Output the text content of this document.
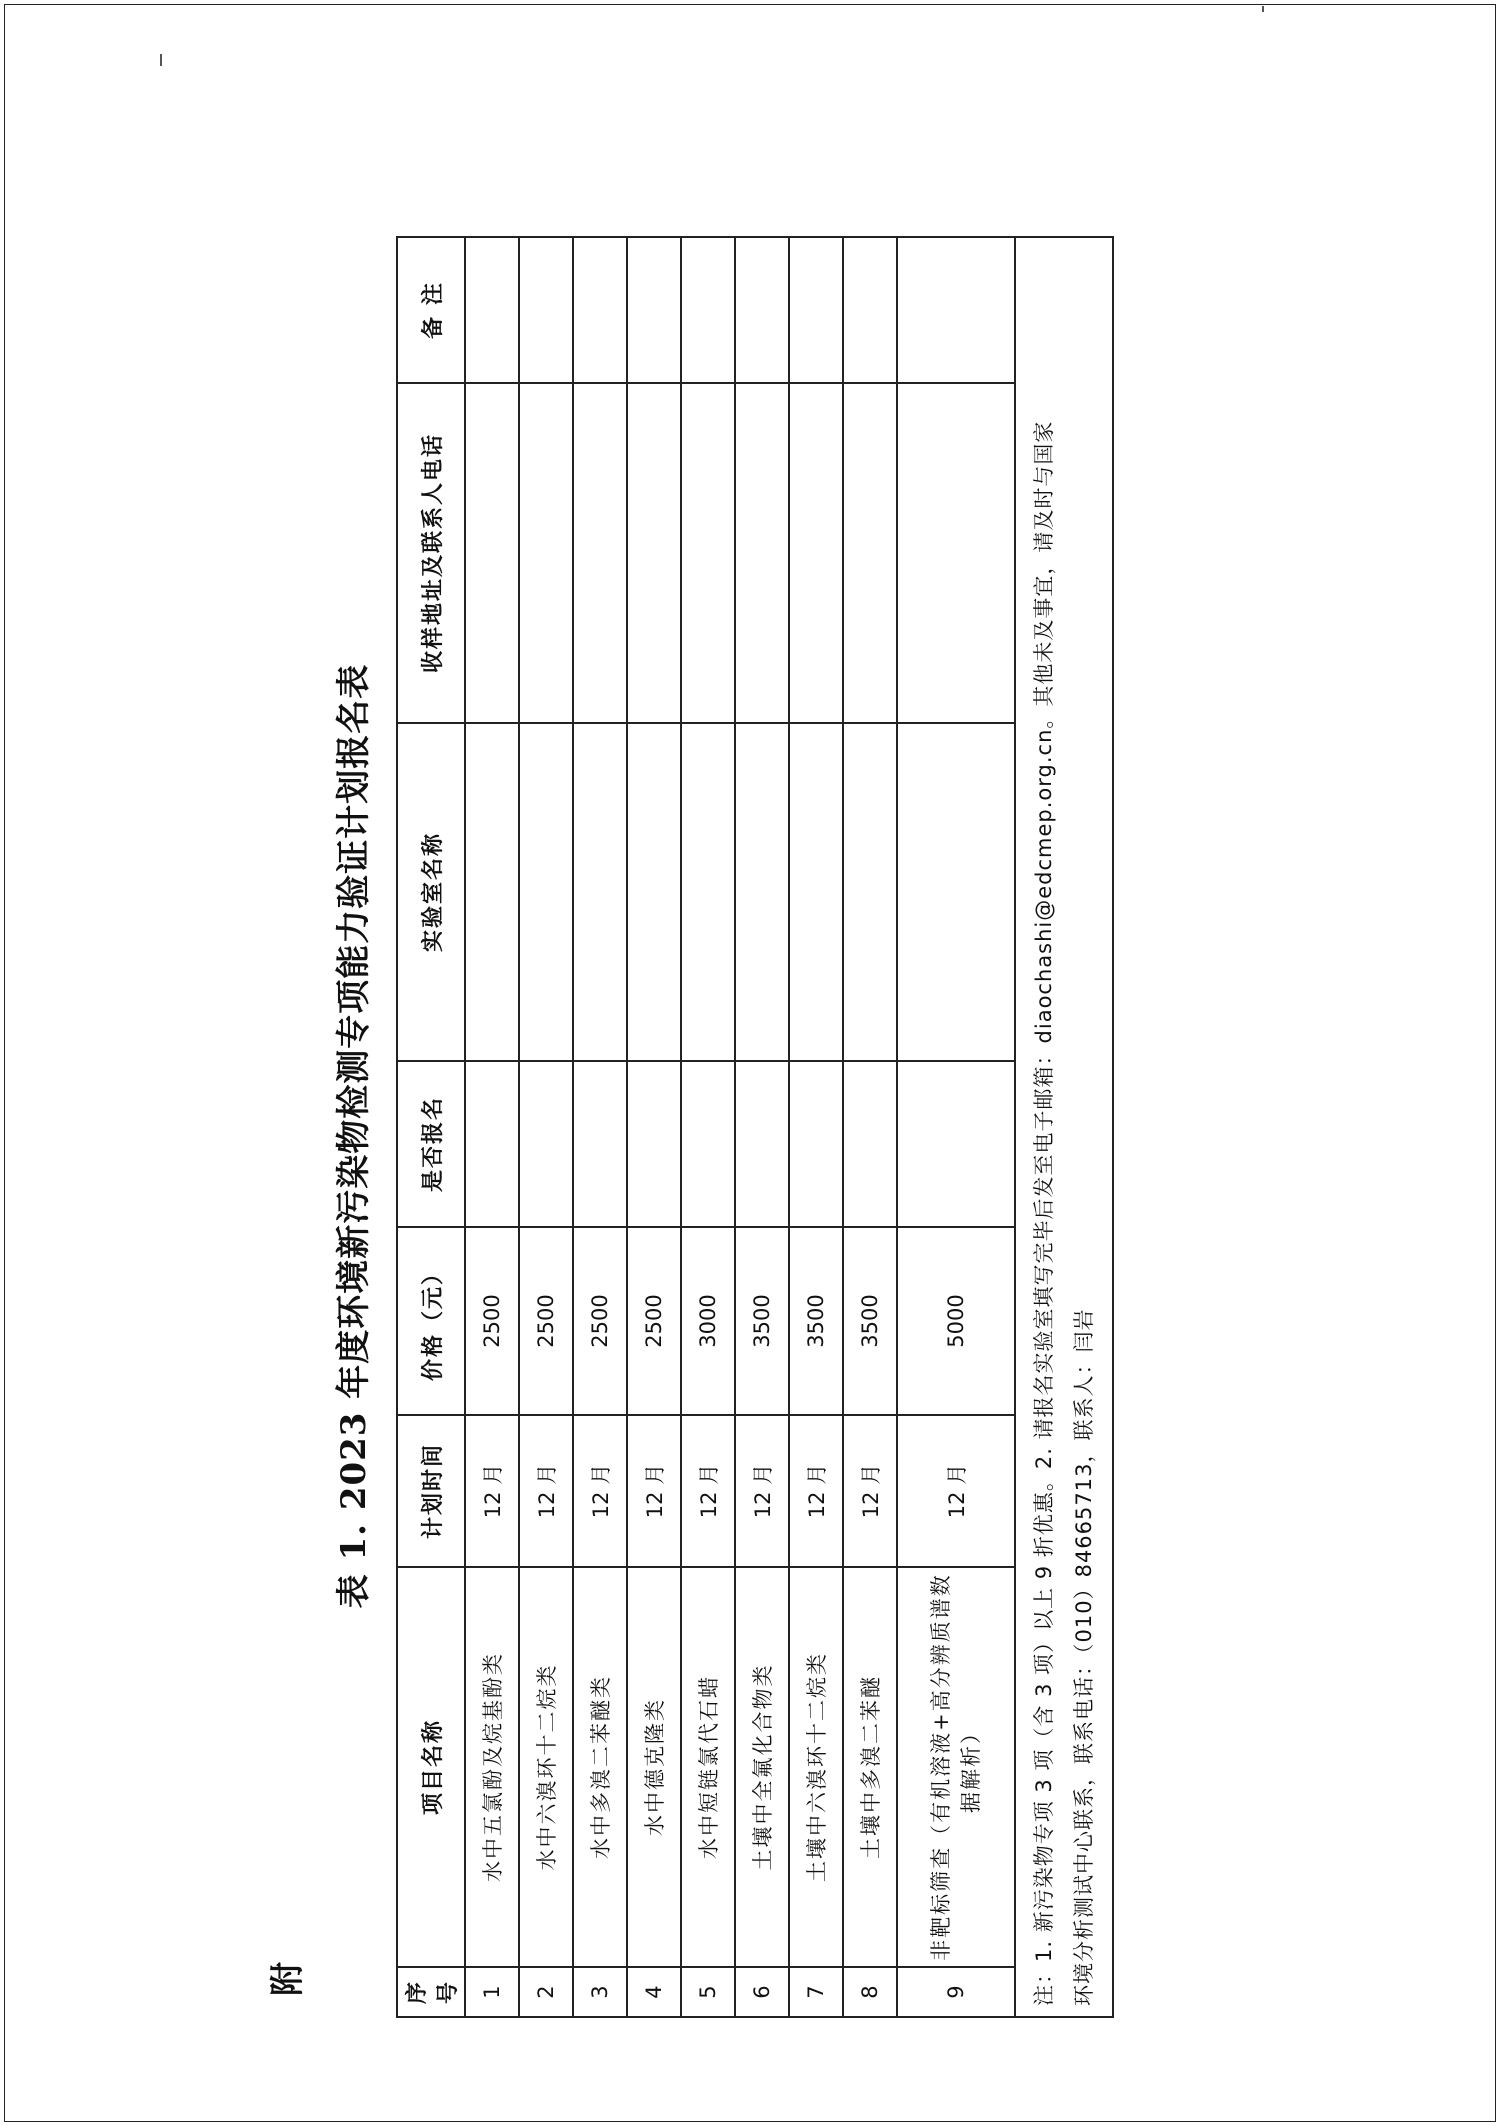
附
表 1. 2023 年度环境新污染物检测专项能力验证计划报名表
序号	项目名称	计划时间	价格（元）	是否报名	实验室名称	收样地址及联系人电话	备 注
1	水中五氯酚及烷基酚类	12 月	2500				
2	水中六溴环十二烷类	12 月	2500				
3	水中多溴二苯醚类	12 月	2500				
4	水中德克隆类	12 月	2500				
5	水中短链氯代石蜡	12 月	3000				
6	土壤中全氟化合物类	12 月	3500				
7	土壤中六溴环十二烷类	12 月	3500				
8	土壤中多溴二苯醚	12 月	3500				
9	非靶标筛查（有机溶液+高分辨质谱数据解析）	12 月	5000				

注：1. 新污染物专项 3 项（含 3 项）以上 9 折优惠。2. 请报名实验室填写完毕后发至电子邮箱：diaochashi@edcmep.org.cn。其他未及事宜，请及时与国家 环境分析测试中心联系，联系电话：（010）84665713，联系人：闫岩							
